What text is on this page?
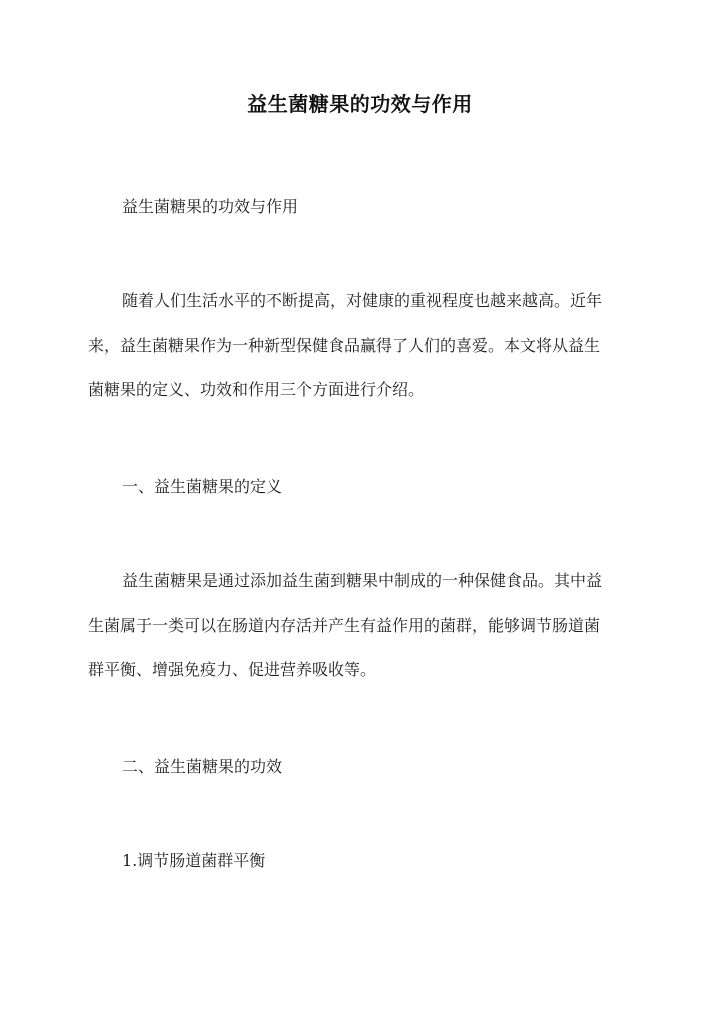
益生菌糖果的功效与作用
益生菌糖果的功效与作用
随着人们生活水平的不断提高，对健康的重视程度也越来越高。近年
来，益生菌糖果作为一种新型保健食品赢得了人们的喜爱。本文将从益生
菌糖果的定义、功效和作用三个方面进行介绍。
一、益生菌糖果的定义
益生菌糖果是通过添加益生菌到糖果中制成的一种保健食品。其中益
生菌属于一类可以在肠道内存活并产生有益作用的菌群，能够调节肠道菌
群平衡、增强免疫力、促进营养吸收等。
二、益生菌糖果的功效
1.调节肠道菌群平衡
